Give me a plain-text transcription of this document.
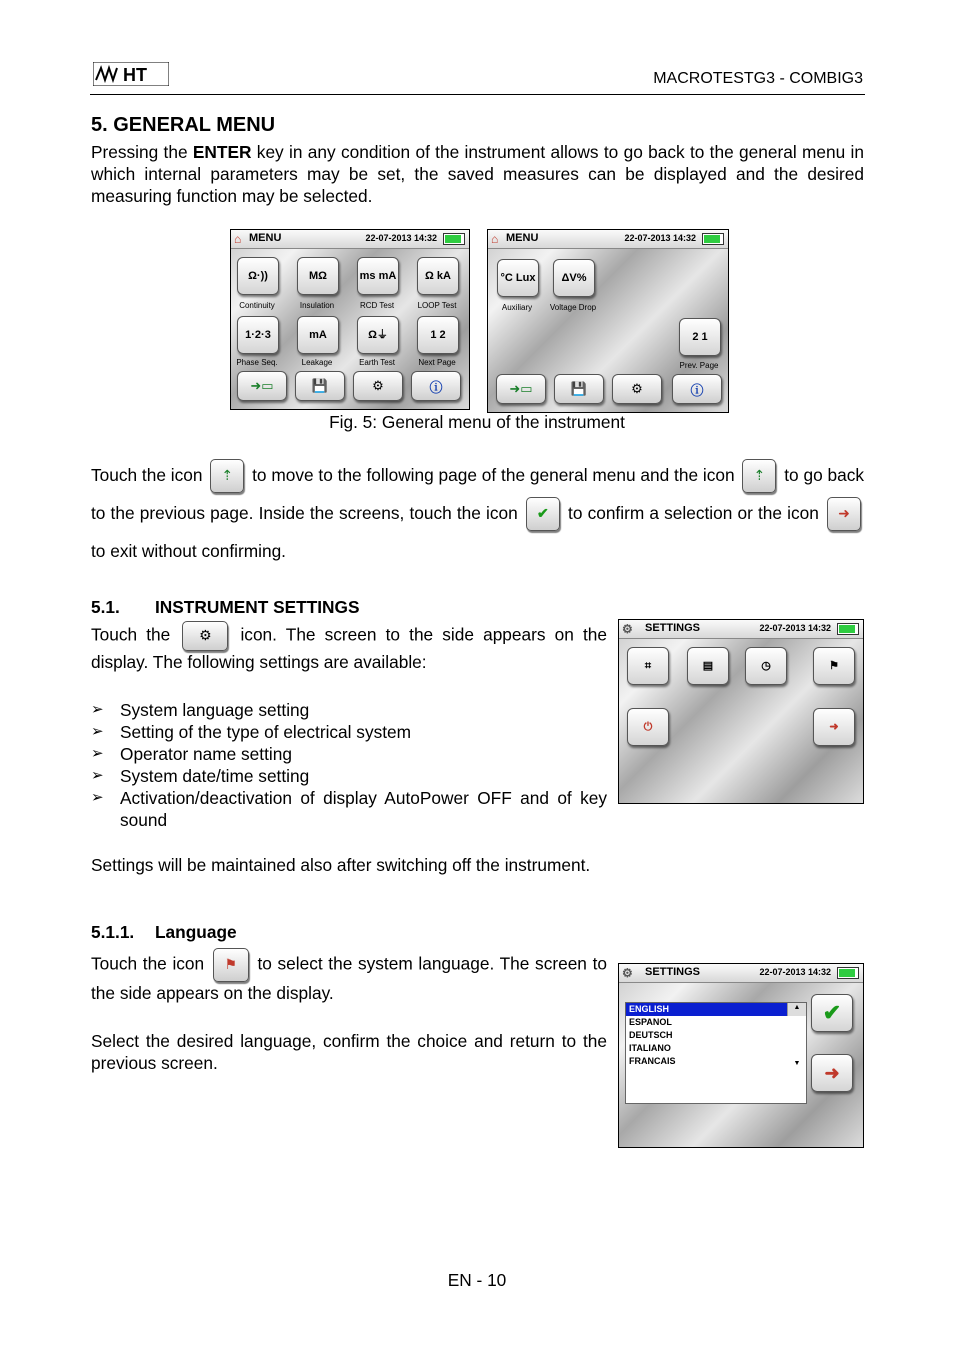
HT	MACROTESTG3 - COMBIG3
5. GENERAL MENU
Pressing the ENTER key in any condition of the instrument allows to go back to the general menu in which internal parameters may be set, the saved measures can be displayed and the desired measuring function may be selected.
⌂ MENU	22-07-2013 14:32
Ω·))
Continuity
MΩ
Insulation
ms mA
RCD Test
Ω kA
LOOP Test
1·2·3
Phase Seq.
mA
Leakage
Ω⏚
Earth Test
1 2
Next Page
➜▭	💾	⚙	ⓘ
⌂ MENU	22-07-2013 14:32
°C Lux
Auxiliary
ΔV%
Voltage Drop
2 1
Prev. Page
➜▭	💾	⚙	ⓘ
Fig. 5: General menu of the instrument
Touch the icon ⇡ to move to the following page of the general menu and the icon ⇡ to go back to the previous page. Inside the screens, touch the icon ✔ to confirm a selection or the icon ➜ to exit without confirming.
5.1. INSTRUMENT SETTINGS
Touch the ⚙ icon. The screen to the side appears on the display. The following settings are available:
➢ System language setting
➢ Setting of the type of electrical system
➢ Operator name setting
➢ System date/time setting
➢ Activation/deactivation of display AutoPower OFF and of key sound
Settings will be maintained also after switching off the instrument.
⚙ SETTINGS	22-07-2013 14:32
⌗	▤	◷	⚑
⏻	➜
5.1.1. Language
Touch the icon ⚑ to select the system language. The screen to the side appears on the display.
Select the desired language, confirm the choice and return to the previous screen.
⚙ SETTINGS	22-07-2013 14:32
ENGLISH
ESPANOL
DEUTSCH
ITALIANO
FRANCAIS
▲

▼
✔
➜
EN - 10
